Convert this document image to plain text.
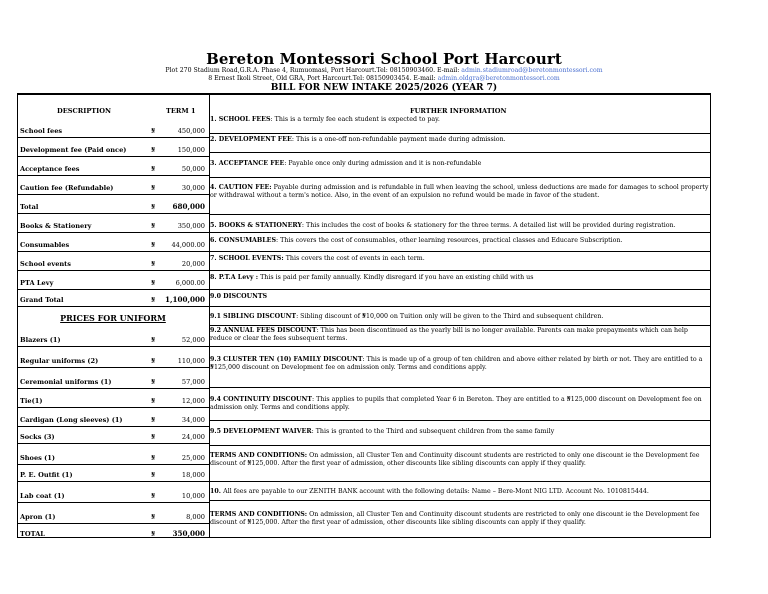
Bereton Montessori School Port Harcourt
Plot 270 Stadium Road,G.R.A. Phase 4, Rumuomasi, Port Harcourt.Tel: 08150903460. E-mail: admin.stadiumroad@beretonmontessori.com
8 Ernest Ikoli Street, Old GRA, Port Harcourt.Tel: 08150903454. E-mail: admin.oldgra@beretonmontessori.com
BILL FOR NEW INTAKE 2025/2026 (YEAR 7)
DESCRIPTION	TERM 1	FURTHER INFORMATION
School fees	₦	450,000
Development fee (Paid once)	₦	150,000
Acceptance fees	₦	50,000
Caution fee (Refundable)	₦	30,000
Total	₦ 680,000
Books & Stationery	₦	350,000
Consumables	₦ 44,000.00
School events	₦	20,000
PTA Levy	₦	6,000.00
Grand Total	₦ 1,100,000
Blazers (1)	₦	52,000
Regular uniforms (2)	₦	110,000
Ceremonial uniforms (1)	₦	57,000
Tie(1)	₦	12,000
Cardigan (Long sleeves) (1)	₦	34,000
Socks (3)	₦	24,000
Shoes (1)	₦	25,000
P. E. Outfit (1)	₦	18,000
Lab coat (1)	₦	10,000
Apron (1)	₦	8,000
TOTAL	₦ 350,000
PRICES FOR UNIFORM
1. SCHOOL FEES: This is a termly fee each student is expected to pay.
2. DEVELOPMENT FEE: This is a one-off non-refundable payment made during admission.
3. ACCEPTANCE FEE: Payable once only during admission and it is non-refundable
4. CAUTION FEE: Payable during admission and is refundable in full when leaving the school, unless deductions are made for damages to school property or withdrawal without a term's notice. Also, in the event of an expulsion no refund would be made in favor of the student.
5. BOOKS & STATIONERY: This includes the cost of books & stationery for the three terms. A detailed list will be provided during registration.
6. CONSUMABLES: This covers the cost of consumables, other learning resources, practical classes and Educare Subscription.
7. SCHOOL EVENTS: This covers the cost of events in each term.
8. P.T.A Levy : This is paid per family annually. Kindly disregard if you have an existing child with us
9.0 DISCOUNTS
9.1 SIBLING DISCOUNT: Sibling discount of ₦10,000 on Tuition only will be given to the Third and subsequent children.
9.2 ANNUAL FEES DISCOUNT: This has been discontinued as the yearly bill is no longer available. Parents can make prepayments which can help reduce or clear the fees subsequent terms.
9.3 CLUSTER TEN (10) FAMILY DISCOUNT: This is made up of a group of ten children and above either related by birth or not. They are entitled to a ₦125,000 discount on Development fee on admission only. Terms and conditions apply.
9.4 CONTINUITY DISCOUNT: This applies to pupils that completed Year 6 in Bereton. They are entitled to a ₦125,000 discount on Development fee on admission only. Terms and conditions apply.
9.5 DEVELOPMENT WAIVER: This is granted to the Third and subsequent children from the same family
TERMS AND CONDITIONS: On admission, all Cluster Ten and Continuity discount students are restricted to only one discount ie the Development fee discount of ₦125,000. After the first year of admission, other discounts like sibling discounts can apply if they qualify.
10. All fees are payable to our ZENITH BANK account with the following details: Name – Bere-Mont NIG LTD. Account No. 1010815444.
TERMS AND CONDITIONS: On admission, all Cluster Ten and Continuity discount students are restricted to only one discount ie the Development fee discount of ₦125,000. After the first year of admission, other discounts like sibling discounts can apply if they qualify.
